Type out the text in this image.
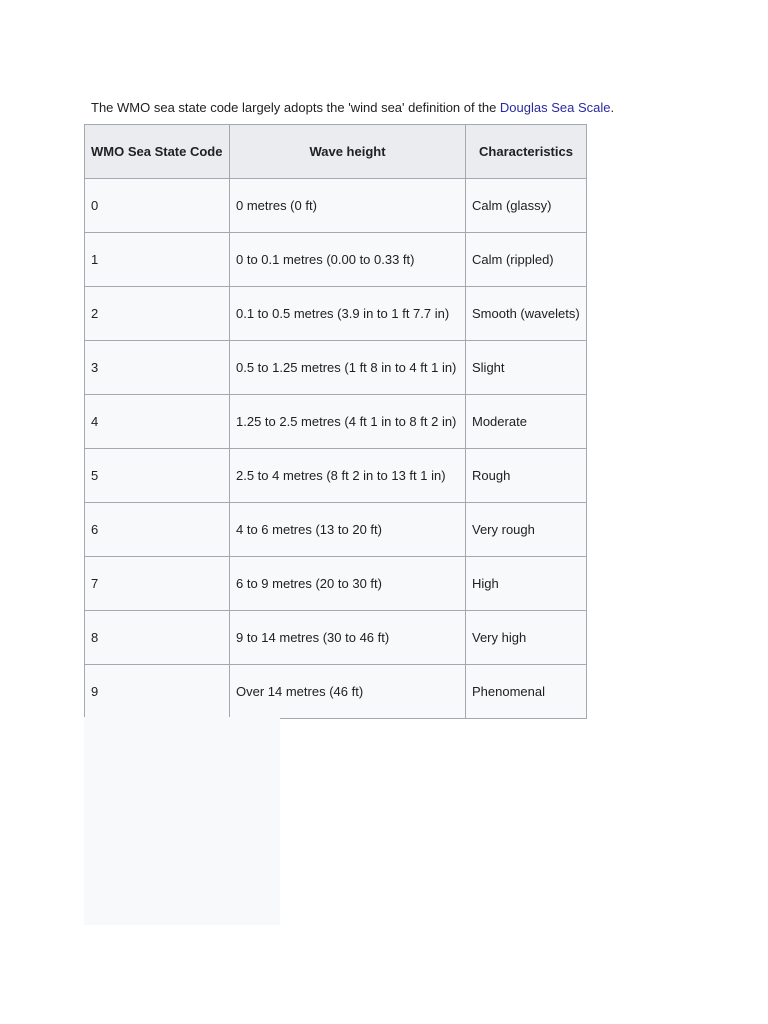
The WMO sea state code largely adopts the 'wind sea' definition of the Douglas Sea Scale.

WMO Sea State Code	Wave height	Characteristics
0	0 metres (0 ft)	Calm (glassy)
1	0 to 0.1 metres (0.00 to 0.33 ft)	Calm (rippled)
2	0.1 to 0.5 metres (3.9 in to 1 ft 7.7 in)	Smooth (wavelets)
3	0.5 to 1.25 metres (1 ft 8 in to 4 ft 1 in)	Slight
4	1.25 to 2.5 metres (4 ft 1 in to 8 ft 2 in)	Moderate
5	2.5 to 4 metres (8 ft 2 in to 13 ft 1 in)	Rough
6	4 to 6 metres (13 to 20 ft)	Very rough
7	6 to 9 metres (20 to 30 ft)	High
8	9 to 14 metres (30 to 46 ft)	Very high
9	Over 14 metres (46 ft)	Phenomenal
